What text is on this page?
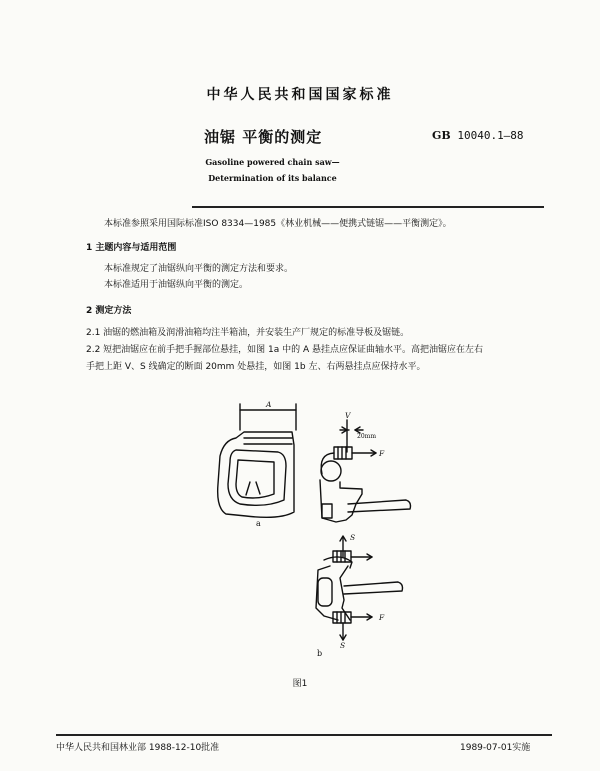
中华人民共和国国家标准
油锯 平衡的测定	GB 10040.1—88
Gasoline powered chain saw—
Determination of its balance
本标准参照采用国际标准ISO 8334—1985《林业机械——便携式链锯——平衡测定》。
1 主题内容与适用范围
本标准规定了油锯纵向平衡的测定方法和要求。
本标准适用于油锯纵向平衡的测定。
2 测定方法
2.1 油锯的燃油箱及润滑油箱均注半箱油，并安装生产厂规定的标准导板及锯链。
2.2 短把油锯应在前手把手握部位悬挂，如图 1a 中的 A 悬挂点应保证曲轴水平。高把油锯应在左右
手把上距 V、S 线确定的断面 20mm 处悬挂，如图 1b 左、右两悬挂点应保持水平。
A
V
20mm
F
S
F
S
a
b
图1
中华人民共和国林业部 1988-12-10批准	1989-07-01实施
